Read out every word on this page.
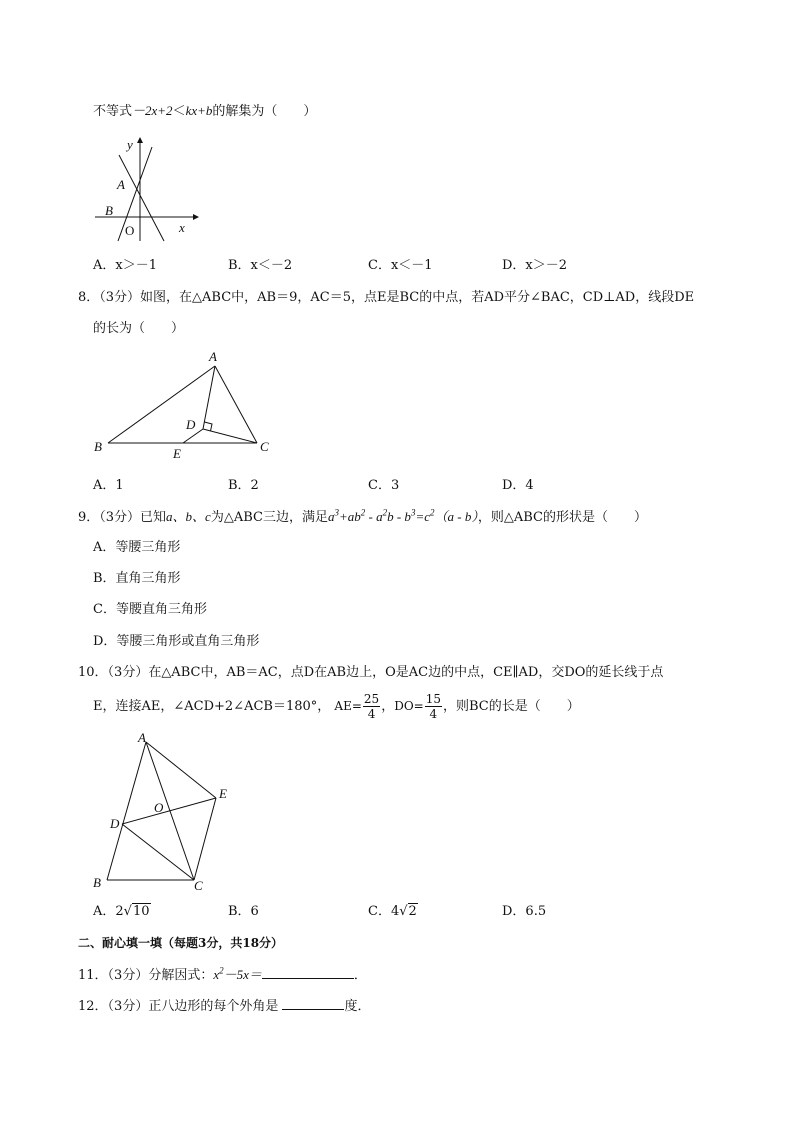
不等式－2x+2＜kx+b的解集为（　　）
y
A
B
O	x
A．x＞－1	B．x＜－2	C．x＜－1	D．x＞－2
8．（3分）如图，在△ABC中，AB＝9，AC＝5，点E是BC的中点，若AD平分∠BAC，CD⊥AD，线段DE
的长为（　　）
A
B	C
D
E
A．1	B．2	C．3	D．4
9．（3分）已知a、b、c为△ABC三边，满足$a^3+ab^2 - a^2b - b^3=c^2(a - b)$，则△ABC的形状是（　　）
A．等腰三角形
B．直角三角形
C．等腰直角三角形
D．等腰三角形或直角三角形
10．（3分）在△ABC中，AB＝AC，点D在AB边上，O是AC边的中点，CE∥AD，交DO的延长线于点
E，连接AE，∠ACD+2∠ACB＝180°， $AE= \frac{25}{4}$ ，$DO= \frac{15}{4}$ ，则BC的长是（　　）
A
B	C
D
E
O
A．2√10	B．6	C．4√2	D．6.5
二、耐心填一填（每题3分，共18分）
11．（3分）分解因式：$x^2-5x=$	．
12．（3分）正八边形的每个外角是	度．
